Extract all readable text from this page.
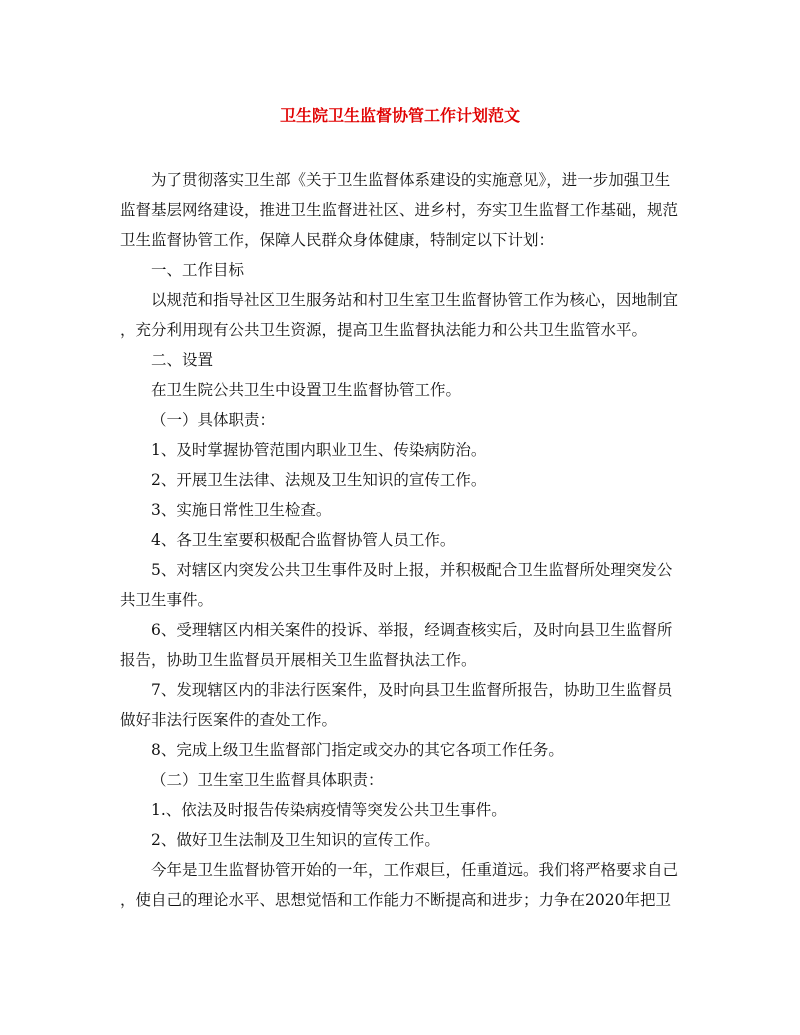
卫生院卫生监督协管工作计划范文
为了贯彻落实卫生部《关于卫生监督体系建设的实施意见》，进一步加强卫生
监督基层网络建设，推进卫生监督进社区、进乡村，夯实卫生监督工作基础，规范
卫生监督协管工作，保障人民群众身体健康，特制定以下计划：
一、工作目标
以规范和指导社区卫生服务站和村卫生室卫生监督协管工作为核心，因地制宜
，充分利用现有公共卫生资源，提高卫生监督执法能力和公共卫生监管水平。
二、设置
在卫生院公共卫生中设置卫生监督协管工作。
（一）具体职责：
1、及时掌握协管范围内职业卫生、传染病防治。
2、开展卫生法律、法规及卫生知识的宣传工作。
3、实施日常性卫生检查。
4、各卫生室要积极配合监督协管人员工作。
5、对辖区内突发公共卫生事件及时上报，并积极配合卫生监督所处理突发公
共卫生事件。
6、受理辖区内相关案件的投诉、举报，经调查核实后，及时向县卫生监督所
报告，协助卫生监督员开展相关卫生监督执法工作。
7、发现辖区内的非法行医案件，及时向县卫生监督所报告，协助卫生监督员
做好非法行医案件的查处工作。
8、完成上级卫生监督部门指定或交办的其它各项工作任务。
（二）卫生室卫生监督具体职责：
1.、依法及时报告传染病疫情等突发公共卫生事件。
2、做好卫生法制及卫生知识的宣传工作。
今年是卫生监督协管开始的一年，工作艰巨，任重道远。我们将严格要求自己
，使自己的理论水平、思想觉悟和工作能力不断提高和进步；力争在2020年把卫
